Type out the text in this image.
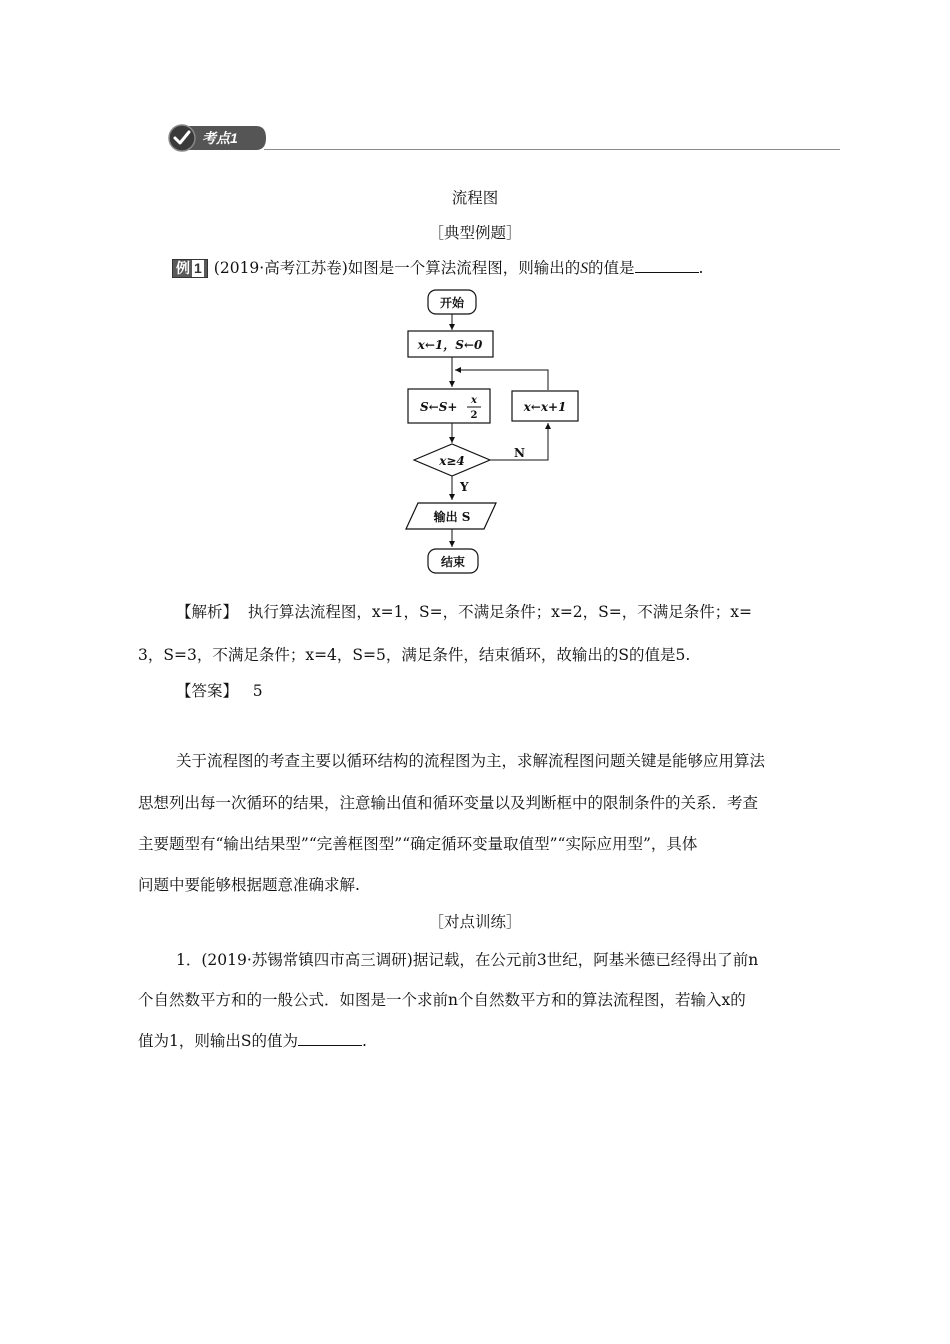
考点1
流程图
［典型例题］
例 1 (2019·高考江苏卷)如图是一个算法流程图，则输出的S的值是	.
开始
x←1，S←0
S←S+ x
2
x←x+1
x≥4
N
Y
输出 S
结束
【解析】 执行算法流程图，x=1，S=，不满足条件；x=2，S=，不满足条件；x=
3，S=3，不满足条件；x=4，S=5，满足条件，结束循环，故输出的S的值是5.
【答案】 5
关于流程图的考查主要以循环结构的流程图为主，求解流程图问题关键是能够应用算法
思想列出每一次循环的结果，注意输出值和循环变量以及判断框中的限制条件的关系．考查
主要题型有“输出结果型”“完善框图型”“确定循环变量取值型”“实际应用型”，具体
问题中要能够根据题意准确求解.
［对点训练］
1．(2019·苏锡常镇四市高三调研)据记载，在公元前3世纪，阿基米德已经得出了前n
个自然数平方和的一般公式．如图是一个求前n个自然数平方和的算法流程图，若输入x的
值为1，则输出S的值为	.
